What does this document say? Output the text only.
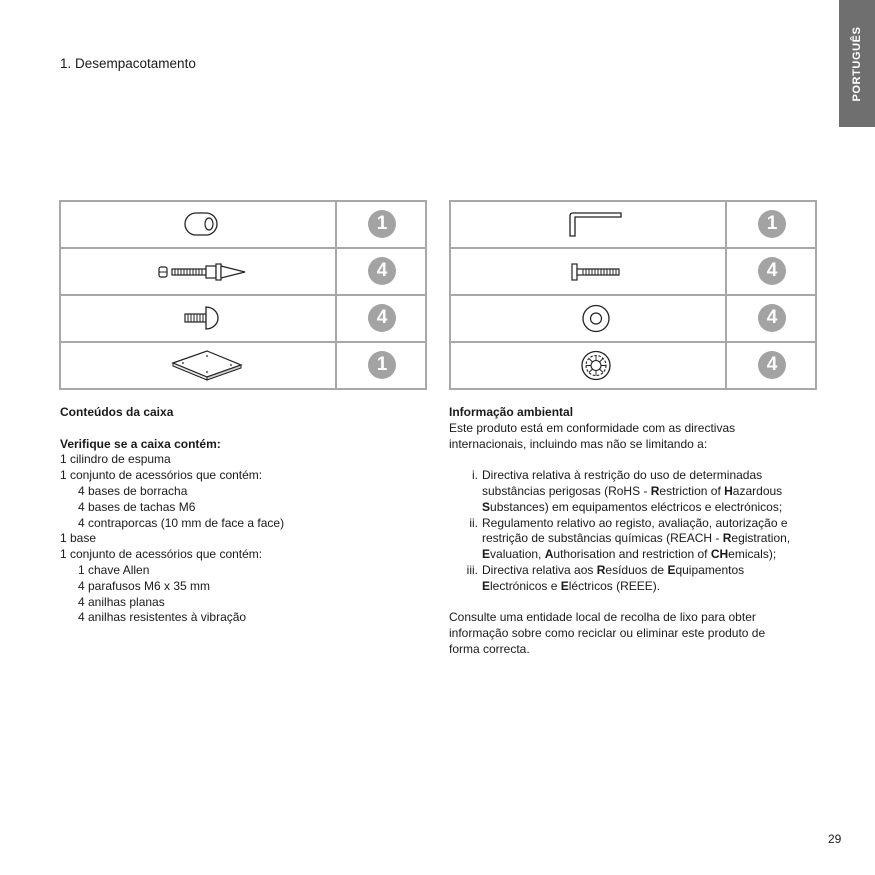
PORTUGUÊS
1. Desempacotamento
1
4
4
1
1
4
4
4
Conteúdos da caixa
Verifique se a caixa contém:
1 cilindro de espuma
1 conjunto de acessórios que contém:
4 bases de borracha
4 bases de tachas M6
4 contraporcas (10 mm de face a face)
1 base
1 conjunto de acessórios que contém:
1 chave Allen
4 parafusos M6 x 35 mm
4 anilhas planas
4 anilhas resistentes à vibração
Informação ambiental
Este produto está em conformidade com as directivas
internacionais, incluindo mas não se limitando a:
i. Directiva relativa à restrição do uso de determinadas
substâncias perigosas (RoHS - Restriction of Hazardous
Substances) em equipamentos eléctricos e electrónicos;
ii. Regulamento relativo ao registo, avaliação, autorização e
restrição de substâncias químicas (REACH - Registration,
Evaluation, Authorisation and restriction of CHemicals);
iii. Directiva relativa aos Resíduos de Equipamentos
Electrónicos e Eléctricos (REEE).
Consulte uma entidade local de recolha de lixo para obter
informação sobre como reciclar ou eliminar este produto de
forma correcta.
29
